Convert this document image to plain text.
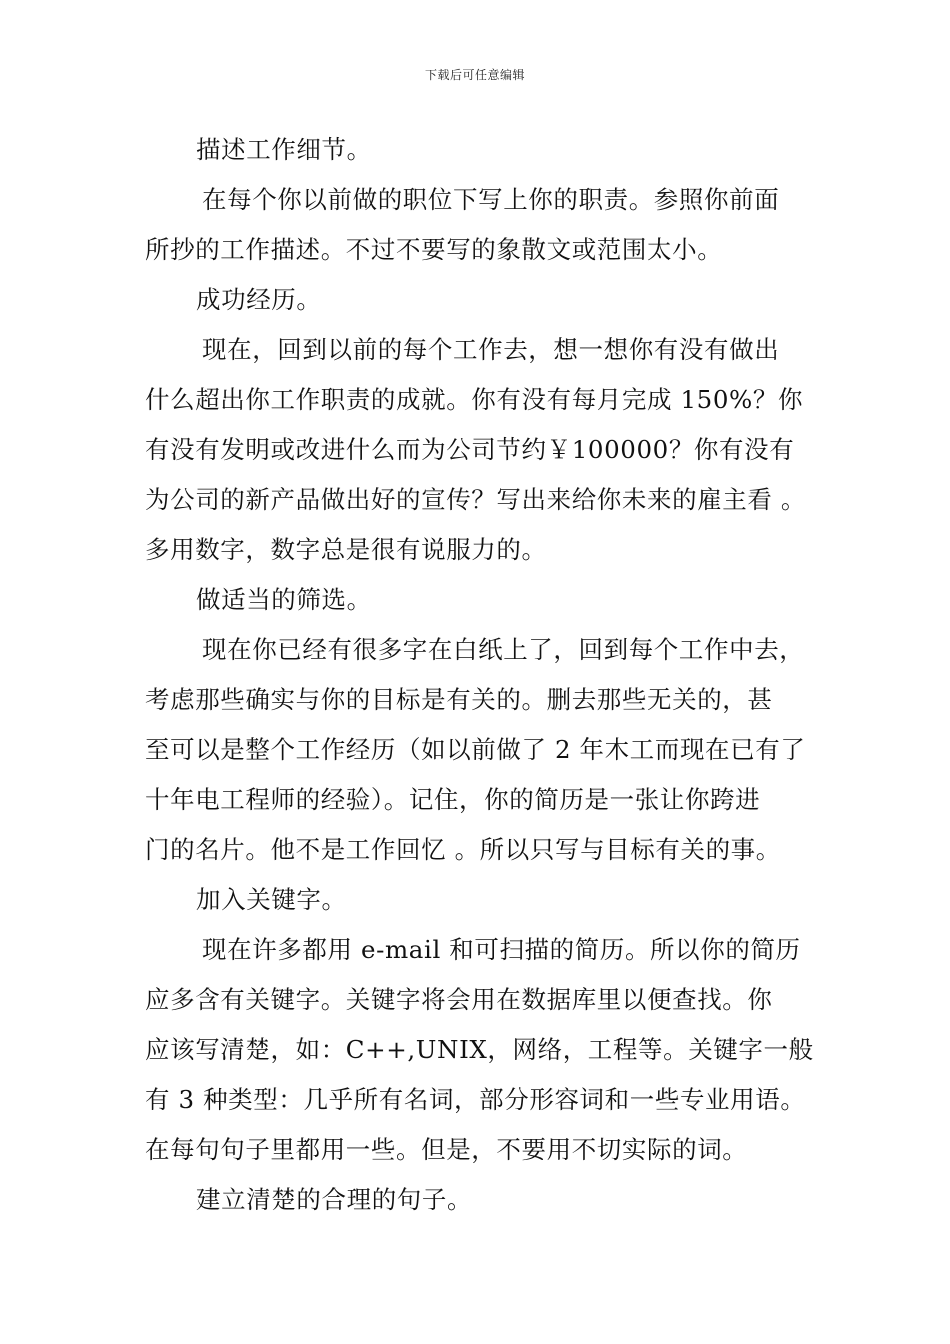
下载后可任意编辑
描述工作细节。
在每个你以前做的职位下写上你的职责。参照你前面
所抄的工作描述。不过不要写的象散文或范围太小。
成功经历。
现在，回到以前的每个工作去，想一想你有没有做出
什么超出你工作职责的成就。你有没有每月完成 150%？你
有没有发明或改进什么而为公司节约￥100000？你有没有
为公司的新产品做出好的宣传？写出来给你未来的雇主看 。
多用数字，数字总是很有说服力的。
做适当的筛选。
现在你已经有很多字在白纸上了，回到每个工作中去，
考虑那些确实与你的目标是有关的。删去那些无关的，甚
至可以是整个工作经历（如以前做了 2 年木工而现在已有了
十年电工程师的经验）。记住，你的简历是一张让你跨进
门的名片。他不是工作回忆 。所以只写与目标有关的事。
加入关键字。
现在许多都用 e-mail 和可扫描的简历。所以你的简历
应多含有关键字。关键字将会用在数据库里以便查找。你
应该写清楚，如：C++,UNIX，网络，工程等。关键字一般
有 3 种类型：几乎所有名词，部分形容词和一些专业用语。
在每句句子里都用一些。但是，不要用不切实际的词。
建立清楚的合理的句子。
